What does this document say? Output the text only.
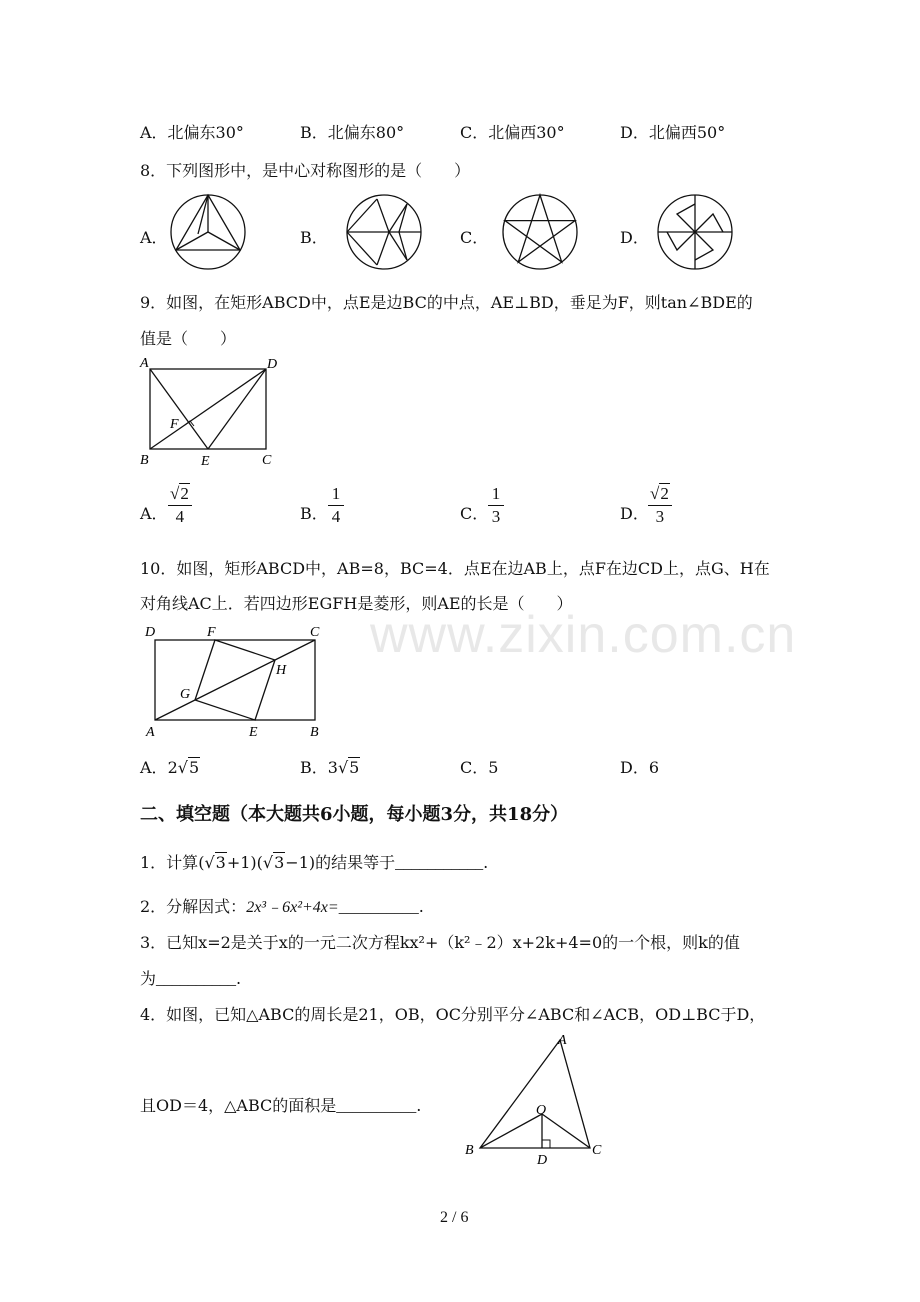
A．北偏东30°	B．北偏东80°	C．北偏西30°	D．北偏西50°
8．下列图形中，是中心对称图形的是（　　）
A．	B．	C．	D．
9．如图，在矩形ABCD中，点E是边BC的中点，AE⊥BD，垂足为F，则tan∠BDE的
值是（　　）
A	D
F
B	E	C
A．
√2
4	B．
1
4	C．
1
3	D．
√2
3
www.zixin.com.cn
10．如图，矩形ABCD中，AB=8，BC=4．点E在边AB上，点F在边CD上，点G、H在
对角线AC上．若四边形EGFH是菱形，则AE的长是（　　）
D	F	C
H
G
A	E	B
A．2√5	B．3√5	C．5	D．6
二、填空题（本大题共6小题，每小题3分，共18分）
1．计算(√3+1)(√3−1)的结果等于___________.
2．分解因式：2x³﹣6x²+4x=__________.
3．已知x=2是关于x的一元二次方程kx²+（k²﹣2）x+2k+4=0的一个根，则k的值
为__________.
4．如图，已知△ABC的周长是21，OB，OC分别平分∠ABC和∠ACB，OD⊥BC于D，
且OD＝4，△ABC的面积是__________.
A
O
B
D
C
2 / 6
